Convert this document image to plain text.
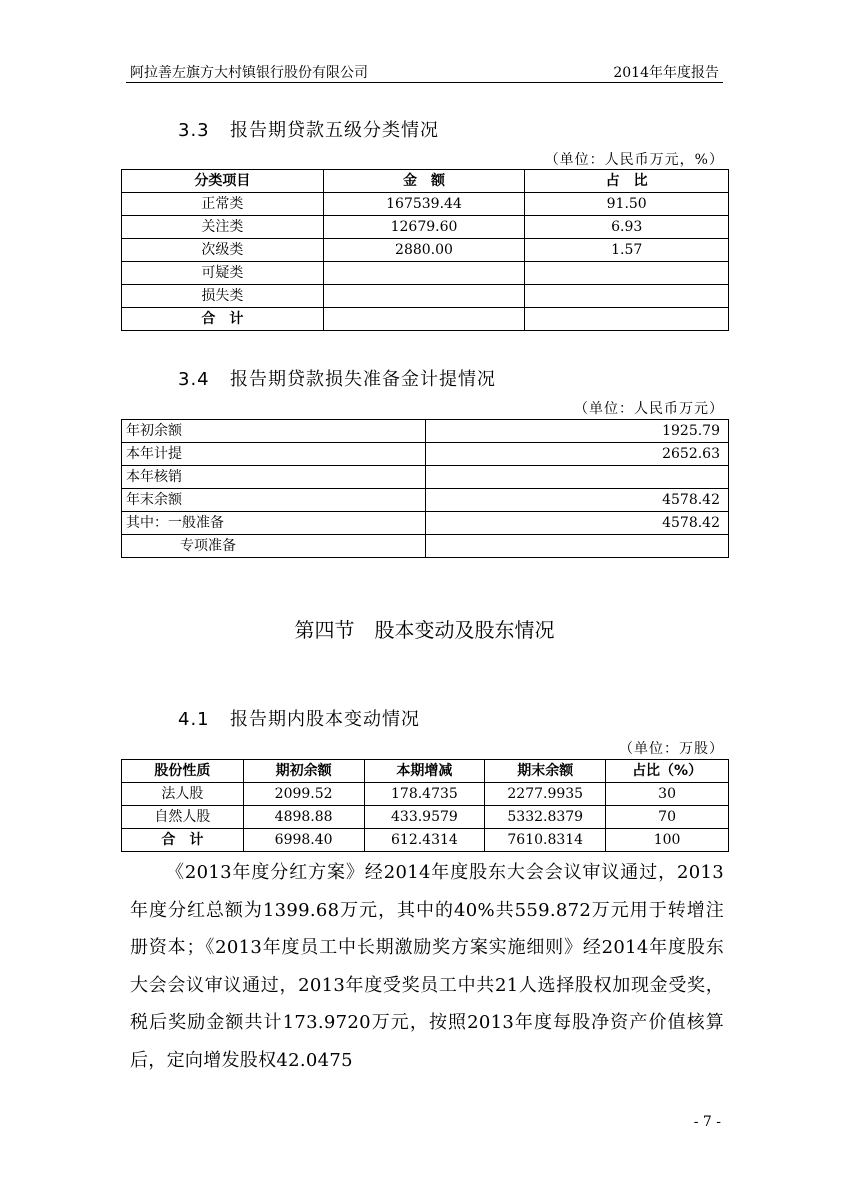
阿拉善左旗方大村镇银行股份有限公司	2014年年度报告
3.3 报告期贷款五级分类情况
（单位：人民币万元，%）
分类项目	金　额	占　比
正常类	167539.44	91.50
关注类	12679.60	6.93
次级类	2880.00	1.57
可疑类		
损失类		
合　计		
3.4 报告期贷款损失准备金计提情况
（单位：人民币万元）
年初余额	1925.79
本年计提	2652.63
本年核销	
年末余额	4578.42
其中：一般准备	4578.42
专项准备	
第四节　股本变动及股东情况
4.1 报告期内股本变动情况
（单位：万股）
股份性质	期初余额	本期增减	期末余额	占比（%）
法人股	2099.52	178.4735	2277.9935	30
自然人股	4898.88	433.9579	5332.8379	70
合　计	6998.40	612.4314	7610.8314	100

《2013年度分红方案》经2014年度股东大会会议审议通过，2013年度分红总额为1399.68万元，其中的40%共559.872万元用于转增注册资本；《2013年度员工中长期激励奖方案实施细则》经2014年度股东大会会议审议通过，2013年度受奖员工中共21人选择股权加现金受奖，税后奖励金额共计173.9720万元，按照2013年度每股净资产价值核算后，定向增发股权42.0475

- 7 -
